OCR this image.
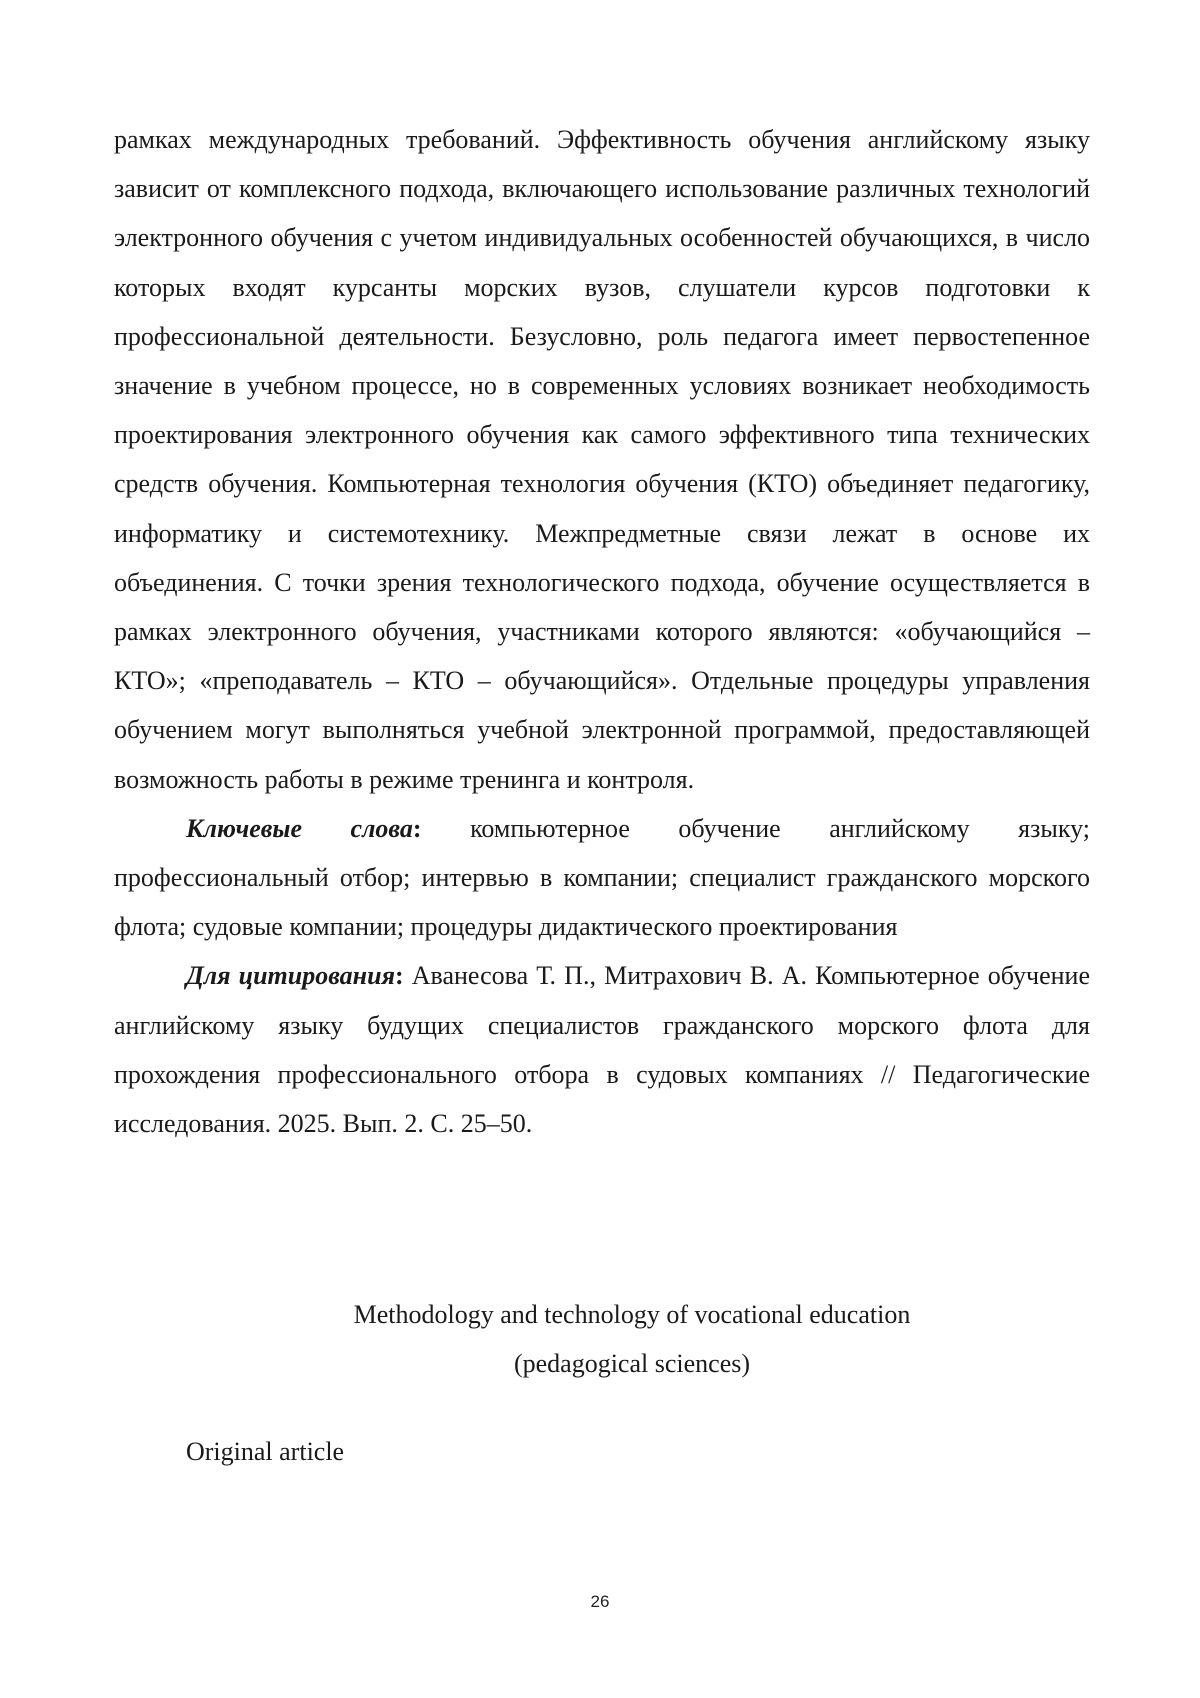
рамках международных требований. Эффективность обучения английскому языку зависит от комплексного подхода, включающего использование различных технологий электронного обучения с учетом индивидуальных особенностей обучающихся, в число которых входят курсанты морских вузов, слушатели курсов подготовки к профессиональной деятельности. Безусловно, роль педагога имеет первостепенное значение в учебном процессе, но в современных условиях возникает необходимость проектирования электронного обучения как самого эффективного типа технических средств обучения. Компьютерная технология обучения (КТО) объединяет педагогику, информатику и системотехнику. Межпредметные связи лежат в основе их объединения. С точки зрения технологического подхода, обучение осуществляется в рамках электронного обучения, участниками которого являются: «обучающийся – КТО»; «преподаватель – КТО – обучающийся». Отдельные процедуры управления обучением могут выполняться учебной электронной программой, предоставляющей возможность работы в режиме тренинга и контроля.

Ключевые слова: компьютерное обучение английскому языку; профессиональный отбор; интервью в компании; специалист гражданского морского флота; судовые компании; процедуры дидактического проектирования

Для цитирования: Аванесова Т. П., Митрахович В. А. Компьютерное обучение английскому языку будущих специалистов гражданского морского флота для прохождения профессионального отбора в судовых компаниях // Педагогические исследования. 2025. Вып. 2. С. 25–50.

Methodology and technology of vocational education
(pedagogical sciences)
Original article
26
